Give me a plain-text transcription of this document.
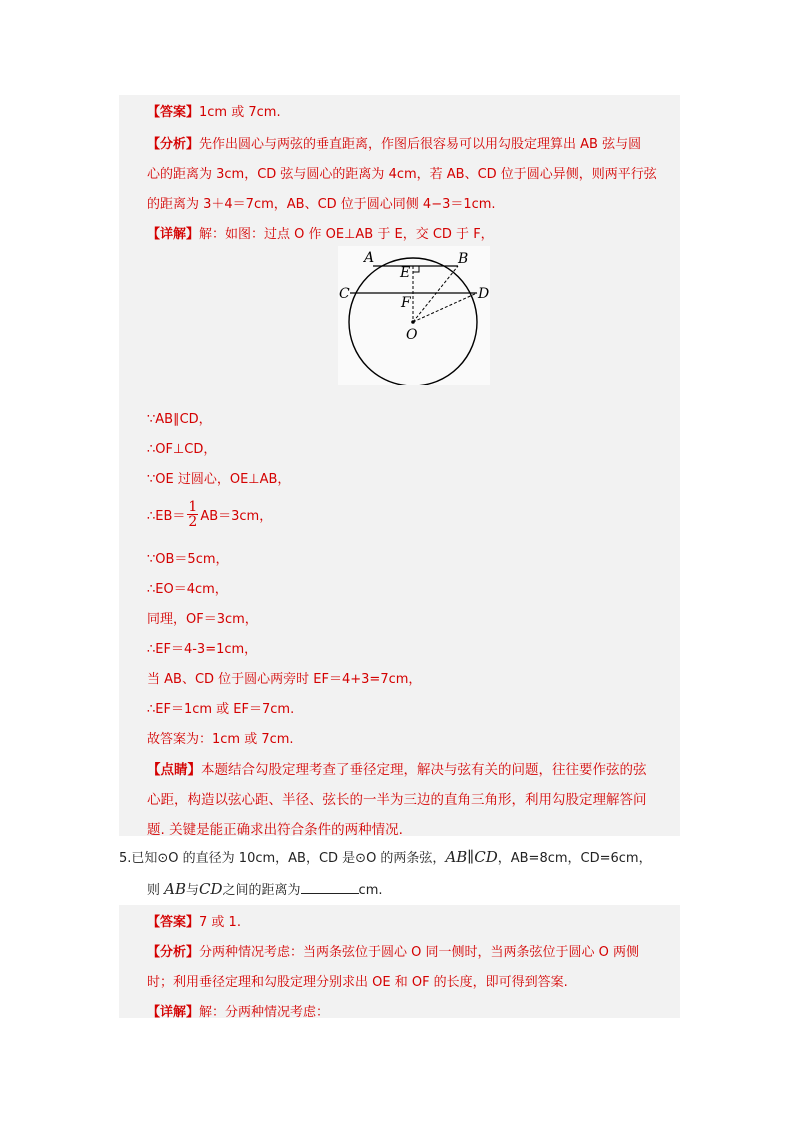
【答案】1cm 或 7cm.
【分析】先作出圆心与两弦的垂直距离，作图后很容易可以用勾股定理算出 AB 弦与圆
心的距离为 3cm，CD 弦与圆心的距离为 4cm，若 AB、CD 位于圆心异侧，则两平行弦
的距离为 3＋4＝7cm，AB、CD 位于圆心同侧 4−3＝1cm.
【详解】解：如图：过点 O 作 OE⊥AB 于 E，交 CD 于 F，
A	B
C	D
E
F
O
∵AB∥CD，
∴OF⊥CD，
∵OE 过圆心，OE⊥AB，
∴EB＝ $\frac{1}{2} AB=3cm$，
∵OB＝5cm，
∴EO＝4cm，
同理，OF＝3cm，
∴EF＝4-3=1cm，
当 AB、CD 位于圆心两旁时 EF＝4+3=7cm，
∴EF＝1cm 或 EF＝7cm.
故答案为：1cm 或 7cm.
【点睛】本题结合勾股定理考查了垂径定理，解决与弦有关的问题，往往要作弦的弦
心距，构造以弦心距、半径、弦长的一半为三边的直角三角形，利用勾股定理解答问
题. 关键是能正确求出符合条件的两种情况.
5.已知⊙O 的直径为 10cm，AB，CD 是⊙O 的两条弦，AB∥CD，AB=8cm，CD=6cm，
则 AB与CD之间的距离为	cm.
【答案】7 或 1.
【分析】分两种情况考虑：当两条弦位于圆心 O 同一侧时，当两条弦位于圆心 O 两侧
时；利用垂径定理和勾股定理分别求出 OE 和 OF 的长度，即可得到答案.
【详解】解：分两种情况考虑：
